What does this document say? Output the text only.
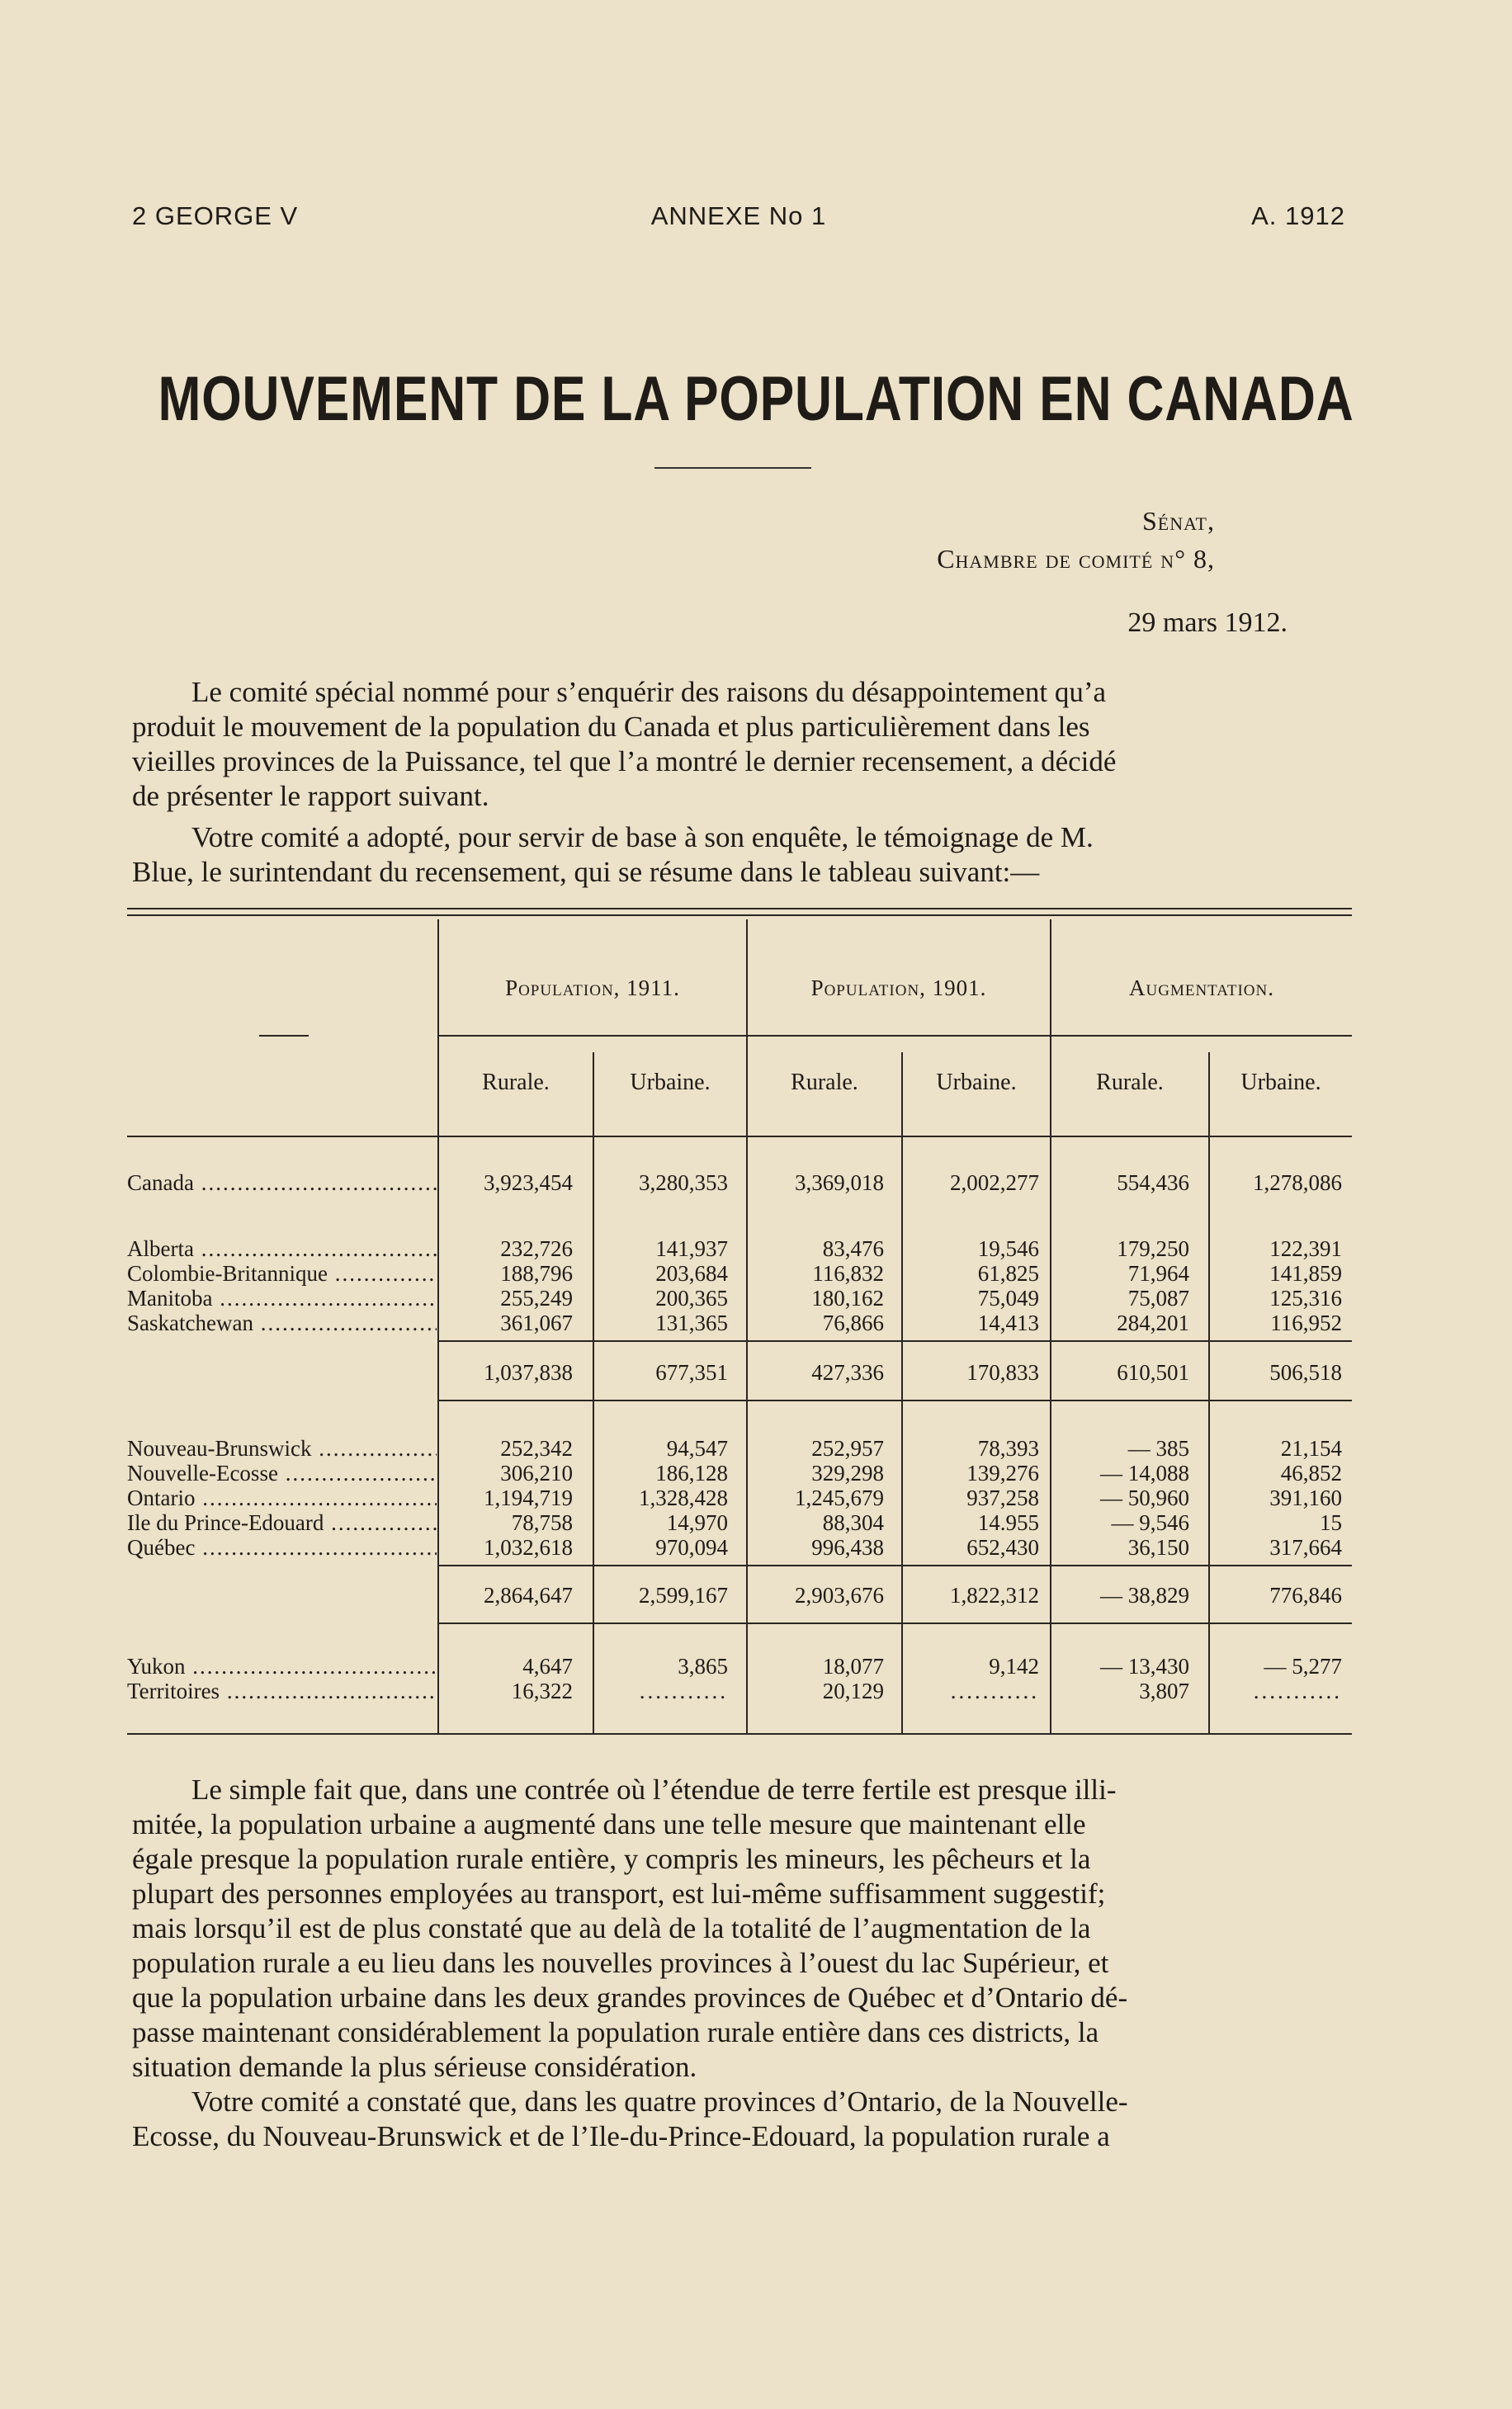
2 GEORGE V	ANNEXE No 1	A. 1912
MOUVEMENT DE LA POPULATION EN CANADA
Sénat,
Chambre de comité n° 8,
29 mars 1912.

Le comité spécial nommé pour s’enquérir des raisons du désappointement qu’a
produit le mouvement de la population du Canada et plus particulièrement dans les
vieilles provinces de la Puissance, tel que l’a montré le dernier recensement, a décidé
de présenter le rapport suivant.

Votre comité a adopté, pour servir de base à son enquête, le témoignage de M.
Blue, le surintendant du recensement, qui se résume dans le tableau suivant:—

Population, 1911.	Population, 1901.	Augmentation.
Rurale.	Urbaine.	Rurale.	Urbaine.	Rurale.	Urbaine.
Canada .....	3,923,454	3,280,353	3,369,018	2,002,277	554,436	1,278,086
Alberta .....	232,726	141,937	83,476	19,546	179,250	122,391
Colombie-Britannique .....	188,796	203,684	116,832	61,825	71,964	141,859
Manitoba .....	255,249	200,365	180,162	75,049	75,087	125,316
Saskatchewan .....	361,067	131,365	76,866	14,413	284,201	116,952
1,037,838	677,351	427,336	170,833	610,501	506,518
Nouveau-Brunswick .....	252,342	94,547	252,957	78,393	— 385	21,154
Nouvelle-Ecosse .....	306,210	186,128	329,298	139,276	— 14,088	46,852
Ontario .....	1,194,719	1,328,428	1,245,679	937,258	— 50,960	391,160
Ile du Prince-Edouard .....	78,758	14,970	88,304	14.955	— 9,546	15
Québec .....	1,032,618	970,094	996,438	652,430	36,150	317,664
2,864,647	2,599,167	2,903,676	1,822,312	— 38,829	776,846
Yukon .....	4,647	3,865	18,077	9,142	— 13,430	— 5,277
Territoires .....	16,322	...........	20,129	...........	3,807	...........

Le simple fait que, dans une contrée où l’étendue de terre fertile est presque illi-
mitée, la population urbaine a augmenté dans une telle mesure que maintenant elle
égale presque la population rurale entière, y compris les mineurs, les pêcheurs et la
plupart des personnes employées au transport, est lui-même suffisamment suggestif;
mais lorsqu’il est de plus constaté que au delà de la totalité de l’augmentation de la
population rurale a eu lieu dans les nouvelles provinces à l’ouest du lac Supérieur, et
que la population urbaine dans les deux grandes provinces de Québec et d’Ontario dé-
passe maintenant considérablement la population rurale entière dans ces districts, la
situation demande la plus sérieuse considération.

Votre comité a constaté que, dans les quatre provinces d’Ontario, de la Nouvelle-
Ecosse, du Nouveau-Brunswick et de l’Ile-du-Prince-Edouard, la population rurale a
